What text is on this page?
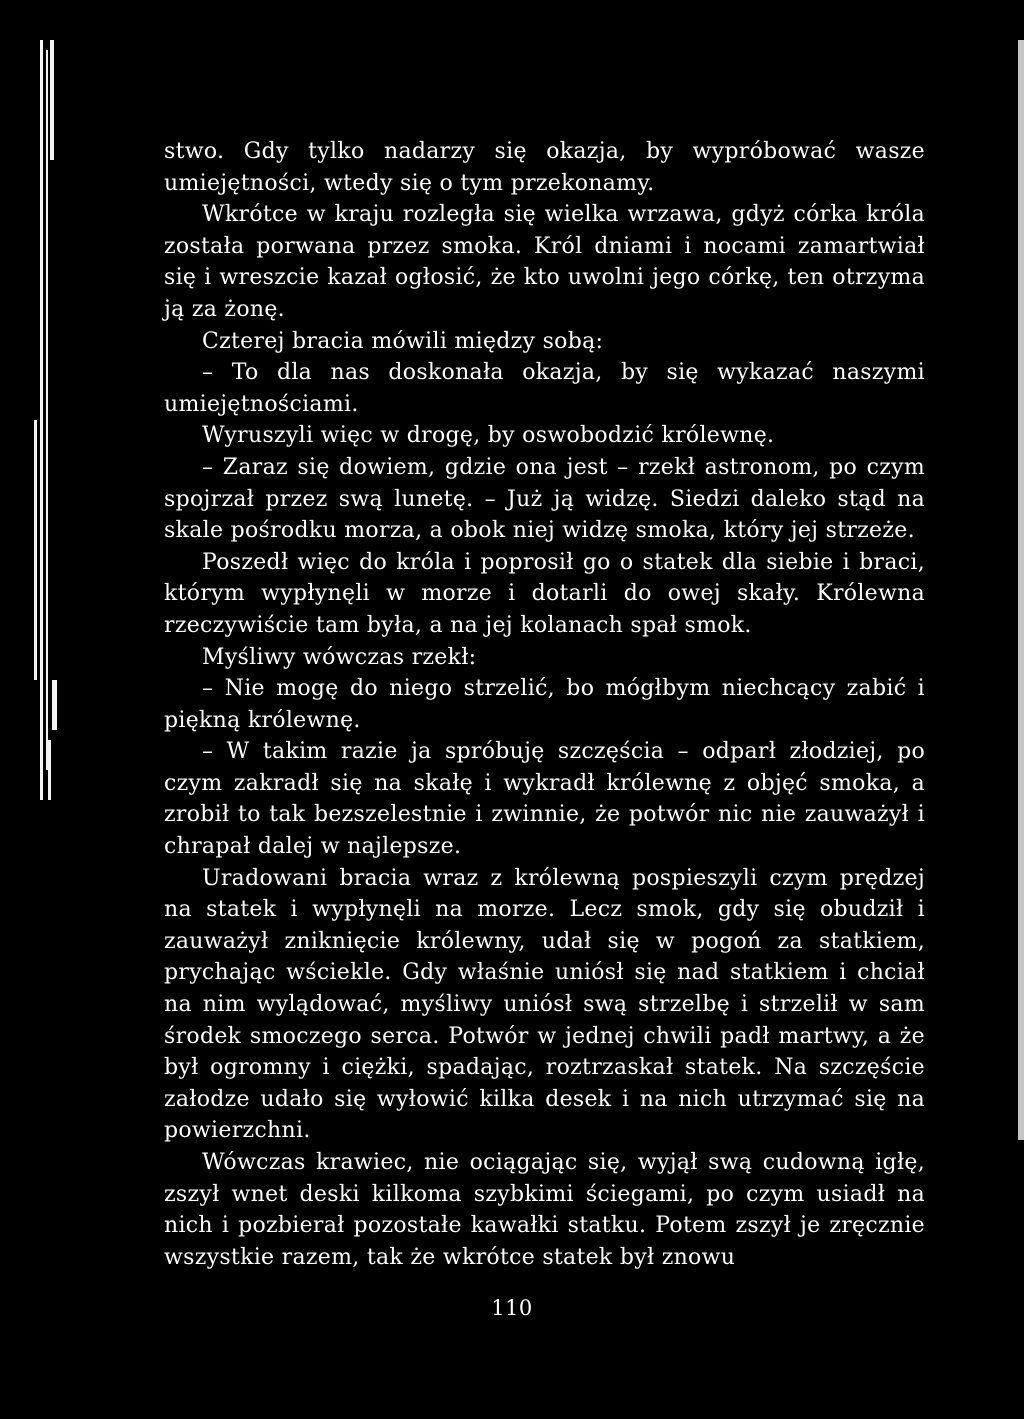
stwo. Gdy tylko nadarzy się okazja, by wypróbować wasze umiejętności, wtedy się o tym przekonamy.

Wkrótce w kraju rozległa się wielka wrzawa, gdyż córka króla została porwana przez smoka. Król dniami i nocami zamartwiał się i wreszcie kazał ogłosić, że kto uwolni jego córkę, ten otrzyma ją za żonę.

Czterej bracia mówili między sobą:

– To dla nas doskonała okazja, by się wykazać naszymi umiejętnościami.

Wyruszyli więc w drogę, by oswobodzić królewnę.

– Zaraz się dowiem, gdzie ona jest – rzekł astronom, po czym spojrzał przez swą lunetę. – Już ją widzę. Siedzi daleko stąd na skale pośrodku morza, a obok niej widzę smoka, który jej strzeże.

Poszedł więc do króla i poprosił go o statek dla siebie i braci, którym wypłynęli w morze i dotarli do owej skały. Królewna rzeczywiście tam była, a na jej kolanach spał smok.

Myśliwy wówczas rzekł:

– Nie mogę do niego strzelić, bo mógłbym niechcący zabić i piękną królewnę.

– W takim razie ja spróbuję szczęścia – odparł złodziej, po czym zakradł się na skałę i wykradł królewnę z objęć smoka, a zrobił to tak bezszelestnie i zwinnie, że potwór nic nie zauważył i chrapał dalej w najlepsze.

Uradowani bracia wraz z królewną pospieszyli czym prędzej na statek i wypłynęli na morze. Lecz smok, gdy się obudził i zauważył zniknięcie królewny, udał się w pogoń za statkiem, prychając wściekle. Gdy właśnie uniósł się nad statkiem i chciał na nim wylądować, myśliwy uniósł swą strzelbę i strzelił w sam środek smoczego serca. Potwór w jednej chwili padł martwy, a że był ogromny i ciężki, spadając, roztrzaskał statek. Na szczęście załodze udało się wyłowić kilka desek i na nich utrzymać się na powierzchni.

Wówczas krawiec, nie ociągając się, wyjął swą cudowną igłę, zszył wnet deski kilkoma szybkimi ściegami, po czym usiadł na nich i pozbierał pozostałe kawałki statku. Potem zszył je zręcznie wszystkie razem, tak że wkrótce statek był znowu

110
